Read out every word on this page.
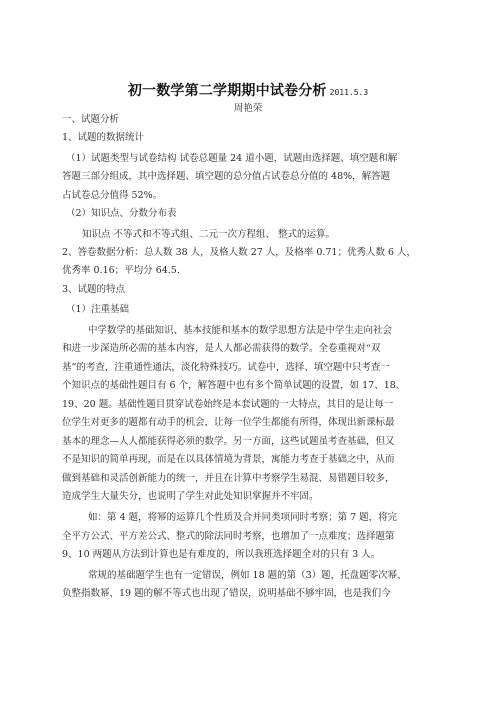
初一数学第二学期期中试卷分析 2011.5.3
周艳荣
一、试题分析
1、试题的数据统计
（1）试题类型与试卷结构 试卷总题量 24 道小题，试题由选择题、填空题和解
答题三部分组成，其中选择题、填空题的总分值占试卷总分值的 48%，解答题
占试卷总分值得 52%。
（2）知识点、分数分布表
知识点 不等式和不等式组、二元一次方程组、 整式的运算。
2、答卷数据分析：总人数 38 人，及格人数 27 人，及格率 0.71；优秀人数 6 人，
优秀率 0.16；平均分 64.5.
3、试题的特点
（1）注重基础
中学数学的基础知识、基本技能和基本的数学思想方法是中学生走向社会
和进一步深造所必需的基本内容，是人人都必需获得的数学。全卷重视对“双
基”的考查，注重通性通法，淡化特殊技巧。试卷中，选择、填空题中只考查一
个知识点的基础性题目有 6 个，解答题中也有多个简单试题的设置，如 17、18、
19、20 题。基础性题目贯穿试卷始终是本套试题的一大特点，其目的是让每一
位学生对更多的题都有动手的机会，让每一位学生都能有所得，体现出新课标最
基本的理念—人人都能获得必须的数学。另一方面，这些试题虽考查基础，但又
不是知识的简单再现，而是在以具体情境为背景，寓能力考查于基础之中，从而
做到基础和灵活创新能力的统一，并且在计算中考察学生易混、易错题目较多，
造成学生大量失分，也说明了学生对此处知识掌握并不牢固。
如：第 4 题，将幂的运算几个性质及合并同类项同时考察；第 7 题，将完
全平方公式、平方差公式、整式的除法同时考察，也增加了一点难度；选择题第
9、10 两题从方法到计算也是有难度的，所以我班选择题全对的只有 3 人。
常规的基础题学生也有一定错误，例如 18 题的第（3）题，托盘题零次幂、
负整指数幂，19 题的解不等式也出现了错误，说明基础不够牢固，也是我们今
